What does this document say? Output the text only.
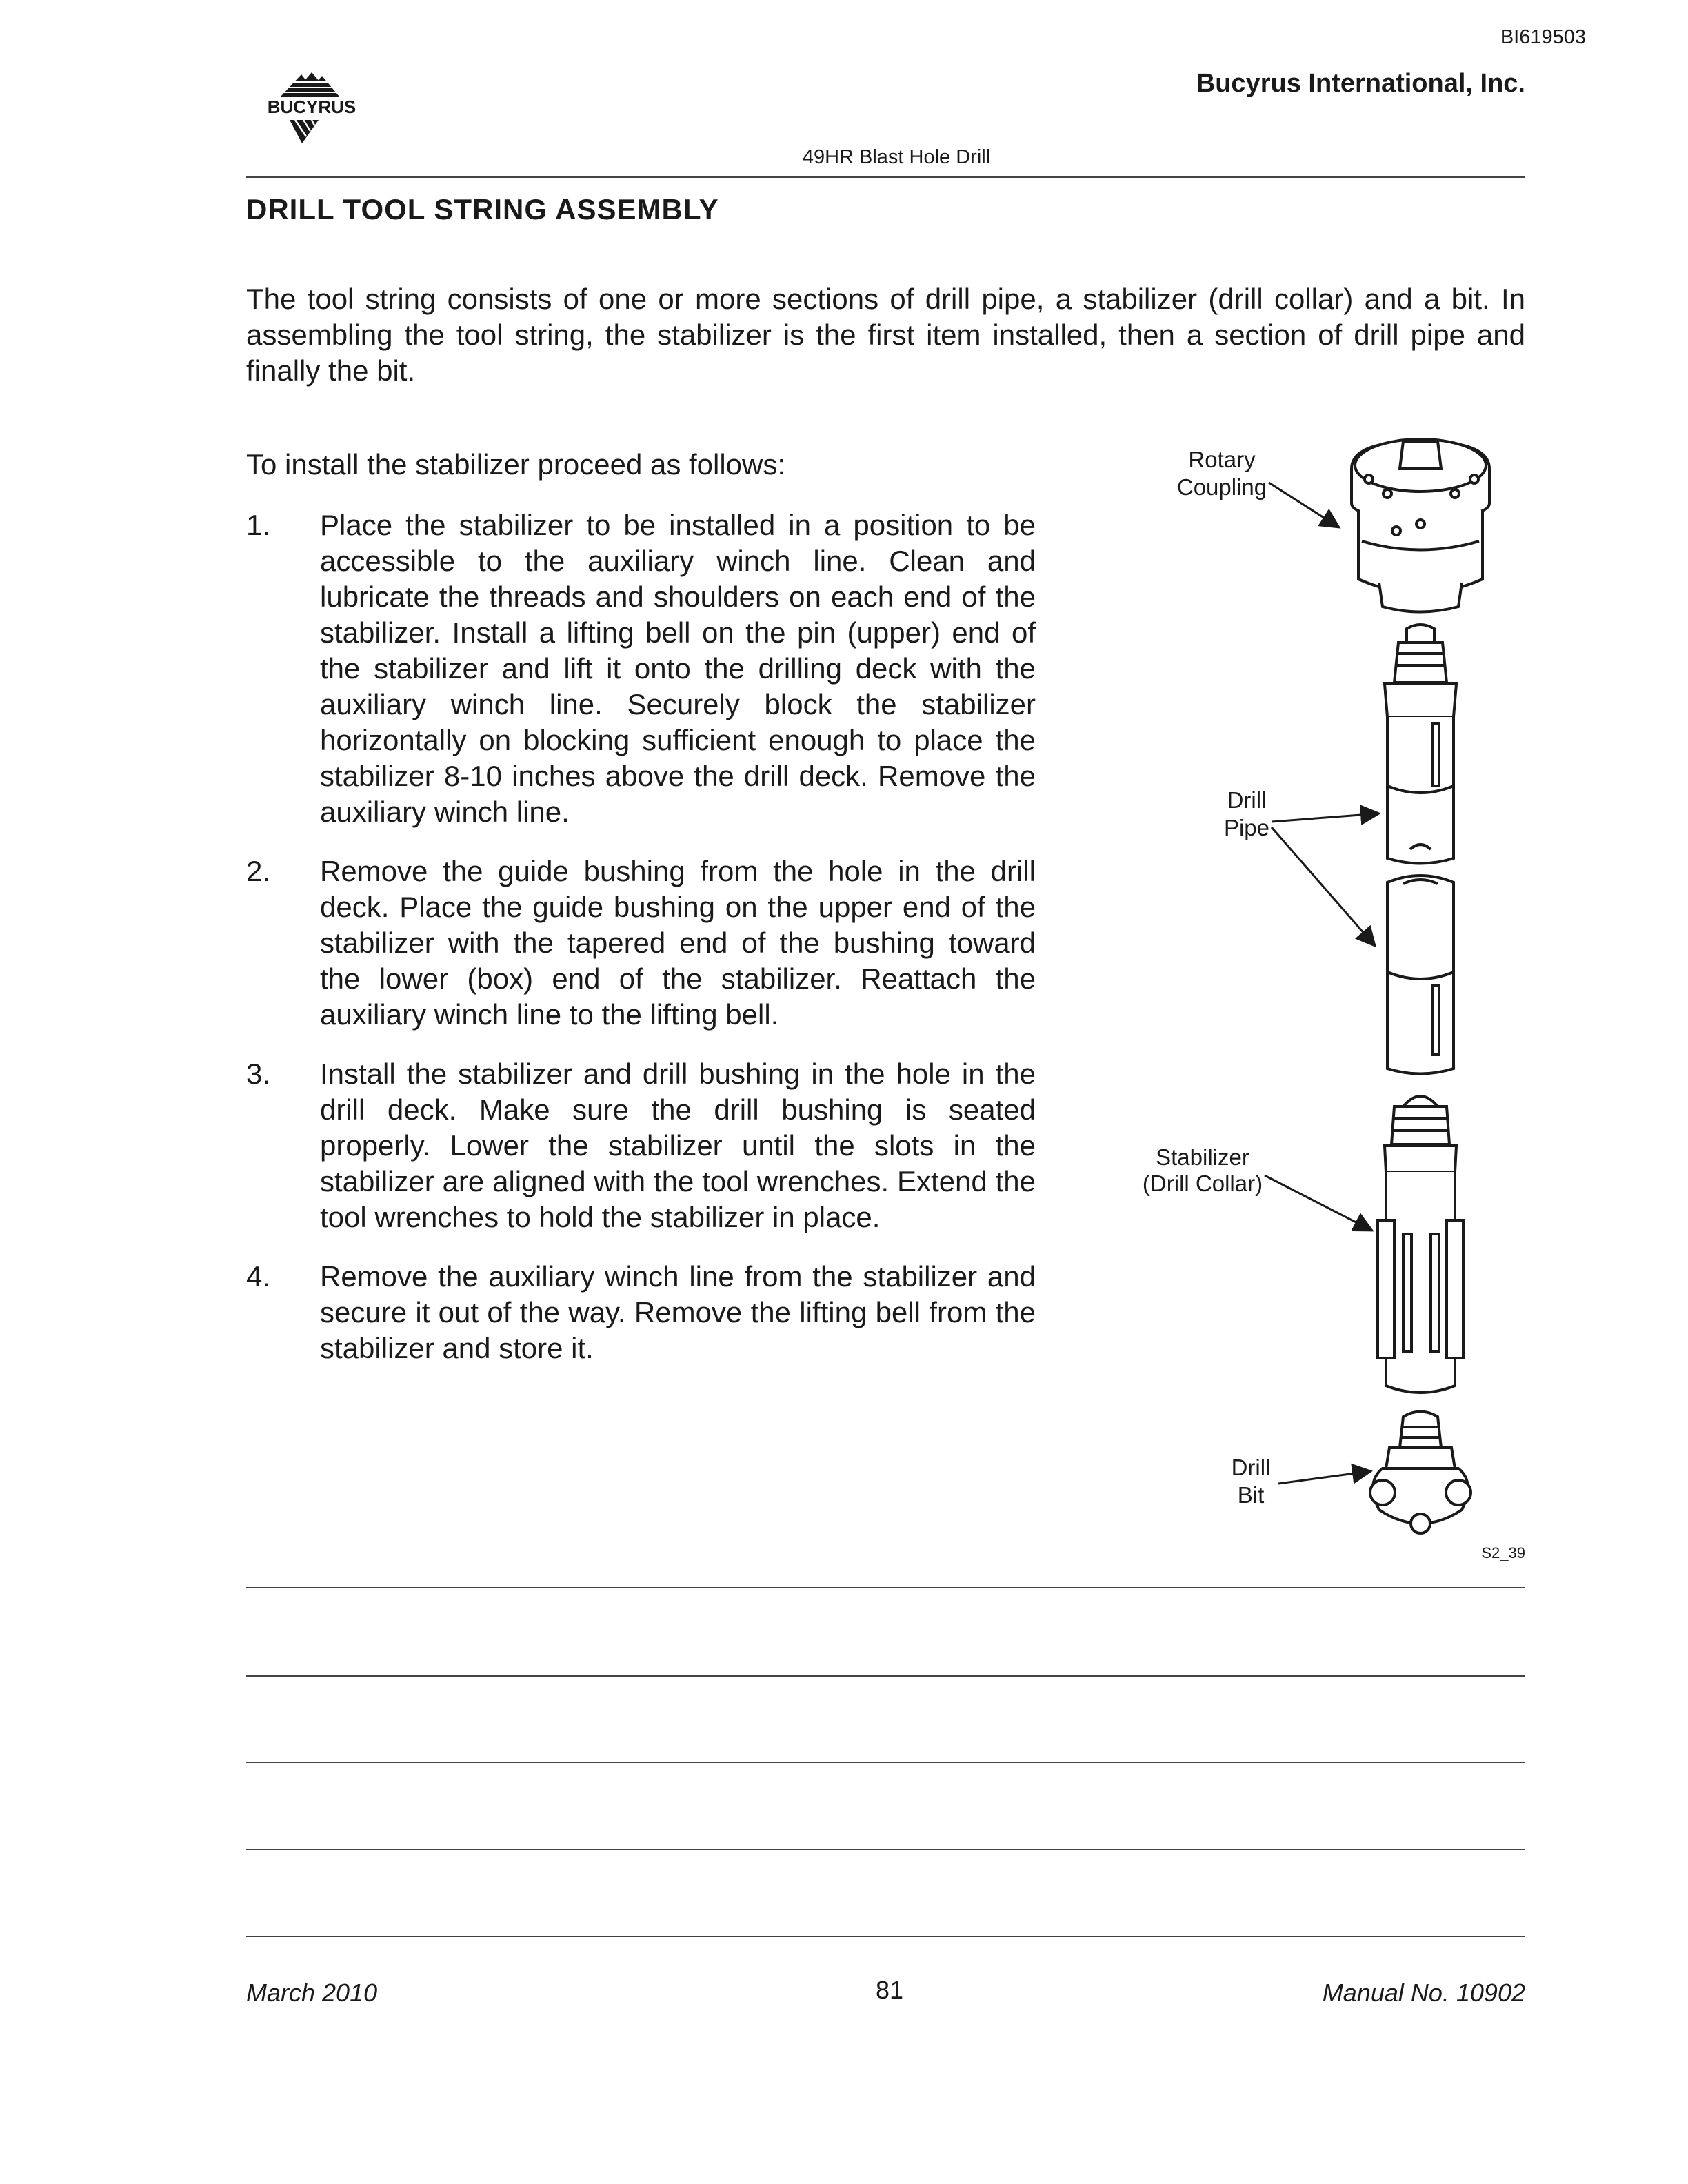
BI619503
BUCYRUS
Bucyrus International, Inc.
49HR Blast Hole Drill
DRILL TOOL STRING ASSEMBLY
The tool string consists of one or more sections of drill pipe, a stabilizer (drill collar) and a bit. In assembling the tool string, the stabilizer is the first item installed, then a section of drill pipe and finally the bit.
To install the stabilizer proceed as follows:
1.	Place the stabilizer to be installed in a position to be accessible to the auxiliary winch line. Clean and lubricate the threads and shoulders on each end of the stabilizer. Install a lifting bell on the pin (upper) end of the stabilizer and lift it onto the drilling deck with the auxiliary winch line. Securely block the stabilizer horizontally on blocking sufficient enough to place the stabilizer 8-10 inches above the drill deck. Remove the auxiliary winch line.
2.	Remove the guide bushing from the hole in the drill deck. Place the guide bushing on the upper end of the stabilizer with the tapered end of the bushing toward the lower (box) end of the stabilizer. Reattach the auxiliary winch line to the lifting bell.
3.	Install the stabilizer and drill bushing in the hole in the drill deck. Make sure the drill bushing is seated properly. Lower the stabilizer until the slots in the stabilizer are aligned with the tool wrenches. Extend the tool wrenches to hold the stabilizer in place.
4.	Remove the auxiliary winch line from the stabilizer and secure it out of the way. Remove the lifting bell from the stabilizer and store it.
Rotary
Coupling
Drill
Pipe
Stabilizer
(Drill Collar)
Drill
Bit
S2_39
March 2010	81	Manual No. 10902
